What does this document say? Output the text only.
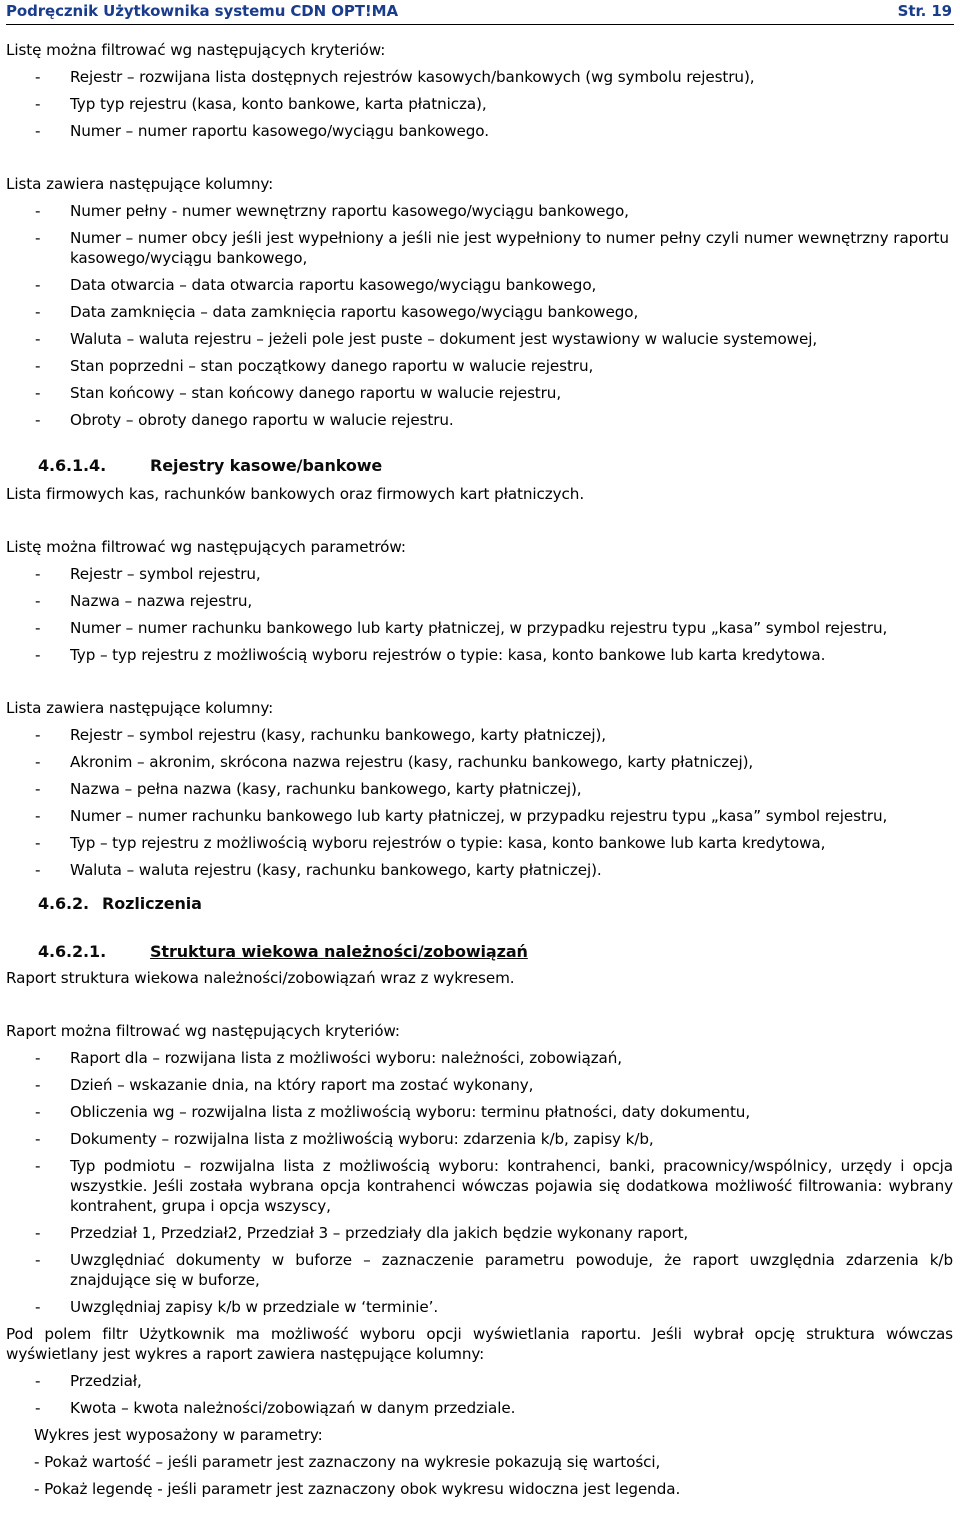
Podręcznik Użytkownika systemu CDN OPT!MA	Str. 19

Listę można filtrować wg następujących kryteriów:

- Rejestr – rozwijana lista dostępnych rejestrów kasowych/bankowych (wg symbolu rejestru),
- Typ typ rejestru (kasa, konto bankowe, karta płatnicza),
- Numer – numer raportu kasowego/wyciągu bankowego.

Lista zawiera następujące kolumny:

- Numer pełny - numer wewnętrzny raportu kasowego/wyciągu bankowego,
- Numer – numer obcy jeśli jest wypełniony a jeśli nie jest wypełniony to numer pełny czyli numer wewnętrzny raportu kasowego/wyciągu bankowego,
- Data otwarcia – data otwarcia raportu kasowego/wyciągu bankowego,
- Data zamknięcia – data zamknięcia raportu kasowego/wyciągu bankowego,
- Waluta – waluta rejestru – jeżeli pole jest puste – dokument jest wystawiony w walucie systemowej,
- Stan poprzedni – stan początkowy danego raportu w walucie rejestru,
- Stan końcowy – stan końcowy danego raportu w walucie rejestru,
- Obroty – obroty danego raportu w walucie rejestru.
4.6.1.4.	Rejestry kasowe/bankowe

Lista firmowych kas, rachunków bankowych oraz firmowych kart płatniczych.

Listę można filtrować wg następujących parametrów:

- Rejestr – symbol rejestru,
- Nazwa – nazwa rejestru,
- Numer – numer rachunku bankowego lub karty płatniczej, w przypadku rejestru typu „kasa” symbol rejestru,
- Typ – typ rejestru z możliwością wyboru rejestrów o typie: kasa, konto bankowe lub karta kredytowa.

Lista zawiera następujące kolumny:

- Rejestr – symbol rejestru (kasy, rachunku bankowego, karty płatniczej),
- Akronim – akronim, skrócona nazwa rejestru (kasy, rachunku bankowego, karty płatniczej),
- Nazwa – pełna nazwa (kasy, rachunku bankowego, karty płatniczej),
- Numer – numer rachunku bankowego lub karty płatniczej, w przypadku rejestru typu „kasa” symbol rejestru,
- Typ – typ rejestru z możliwością wyboru rejestrów o typie: kasa, konto bankowe lub karta kredytowa,
- Waluta – waluta rejestru (kasy, rachunku bankowego, karty płatniczej).
4.6.2. Rozliczenia
4.6.2.1.	Struktura wiekowa należności/zobowiązań

Raport struktura wiekowa należności/zobowiązań wraz z wykresem.

Raport można filtrować wg następujących kryteriów:

- Raport dla – rozwijana lista z możliwości wyboru: należności, zobowiązań,
- Dzień – wskazanie dnia, na który raport ma zostać wykonany,
- Obliczenia wg – rozwijalna lista z możliwością wyboru: terminu płatności, daty dokumentu,
- Dokumenty – rozwijalna lista z możliwością wyboru: zdarzenia k/b, zapisy k/b,
- Typ podmiotu – rozwijalna lista z możliwością wyboru: kontrahenci, banki, pracownicy/wspólnicy, urzędy i opcja wszystkie. Jeśli została wybrana opcja kontrahenci wówczas pojawia się dodatkowa możliwość filtrowania: wybrany kontrahent, grupa i opcja wszyscy,
- Przedział 1, Przedział2, Przedział 3 – przedziały dla jakich będzie wykonany raport,
- Uwzględniać dokumenty w buforze – zaznaczenie parametru powoduje, że raport uwzględnia zdarzenia k/b znajdujące się w buforze,
- Uwzględniaj zapisy k/b w przedziale w ‘terminie’.

Pod polem filtr Użytkownik ma możliwość wyboru opcji wyświetlania raportu. Jeśli wybrał opcję struktura wówczas wyświetlany jest wykres a raport zawiera następujące kolumny:

- Przedział,
- Kwota – kwota należności/zobowiązań w danym przedziale.

Wykres jest wyposażony w parametry:

- Pokaż wartość – jeśli parametr jest zaznaczony na wykresie pokazują się wartości,

- Pokaż legendę - jeśli parametr jest zaznaczony obok wykresu widoczna jest legenda.
